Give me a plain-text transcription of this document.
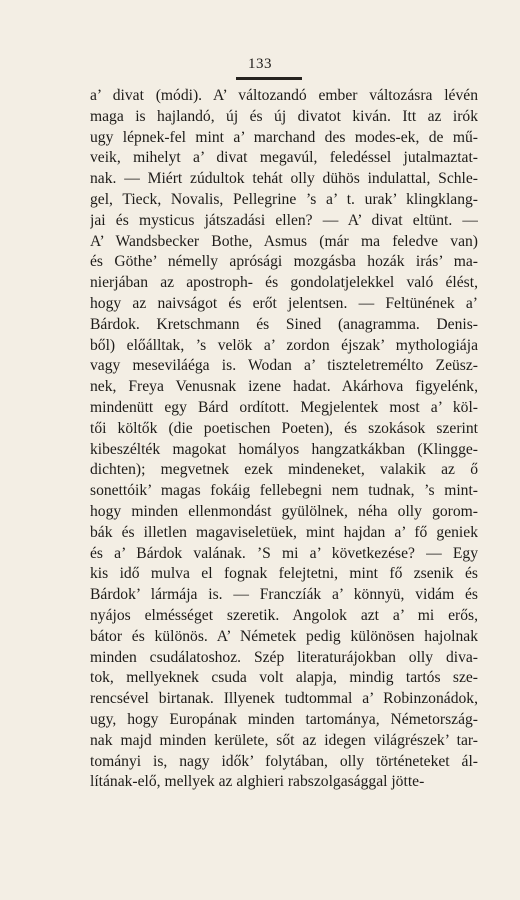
133
a’ divat (módi). A’ változandó ember változásra lévén
maga is hajlandó, új és új divatot kiván. Itt az irók
ugy lépnek-fel mint a’ marchand des modes-ek, de mű-
veik, mihelyt a’ divat megavúl, feledéssel jutalmaztat-
nak. — Miért zúdultok tehát olly dühös indulattal, Schle-
gel, Tieck, Novalis, Pellegrine ’s a’ t. urak’ klingklang-
jai és mysticus játszadási ellen? — A’ divat eltünt. —
A’ Wandsbecker Bothe, Asmus (már ma feledve van)
és Göthe’ némelly aprósági mozgásba hozák irás’ ma-
nierjában az apostroph- és gondolatjelekkel való élést,
hogy az naivságot és erőt jelentsen. — Feltünének a’
Bárdok. Kretschmann és Sined (anagramma. Denis-
ből) előálltak, ’s velök a’ zordon éjszak’ mythologiája
vagy meseviláéga is. Wodan a’ tiszteletremélto Zeüsz-
nek, Freya Venusnak izene hadat. Akárhova figyelénk,
mindenütt egy Bárd ordított. Megjelentek most a’ köl-
tői költők (die poetischen Poeten), és szokások szerint
kibeszélték magokat homályos hangzatkákban (Klingge-
dichten); megvetnek ezek mindeneket, valakik az ő
sonettóik’ magas fokáig fellebegni nem tudnak, ’s mint-
hogy minden ellenmondást gyülölnek, néha olly gorom-
bák és illetlen magaviseletüek, mint hajdan a’ fő geniek
és a’ Bárdok valának. ’S mi a’ következése? — Egy
kis idő mulva el fognak felejtetni, mint fő zsenik és
Bárdok’ lármája is. — Franczíák a’ könnyü, vidám és
nyájos elmésséget szeretik. Angolok azt a’ mi erős,
bátor és különös. A’ Németek pedig különösen hajolnak
minden csudálatoshoz. Szép literaturájokban olly diva-
tok, mellyeknek csuda volt alapja, mindig tartós sze-
rencsével birtanak. Illyenek tudtommal a’ Robinzonádok,
ugy, hogy Europának minden tartománya, Németország-
nak majd minden kerülete, sőt az idegen világrészek’ tar-
tományi is, nagy idők’ folytában, olly történeteket ál-
lítának-elő, mellyek az alghieri rabszolgasággal jötte-
